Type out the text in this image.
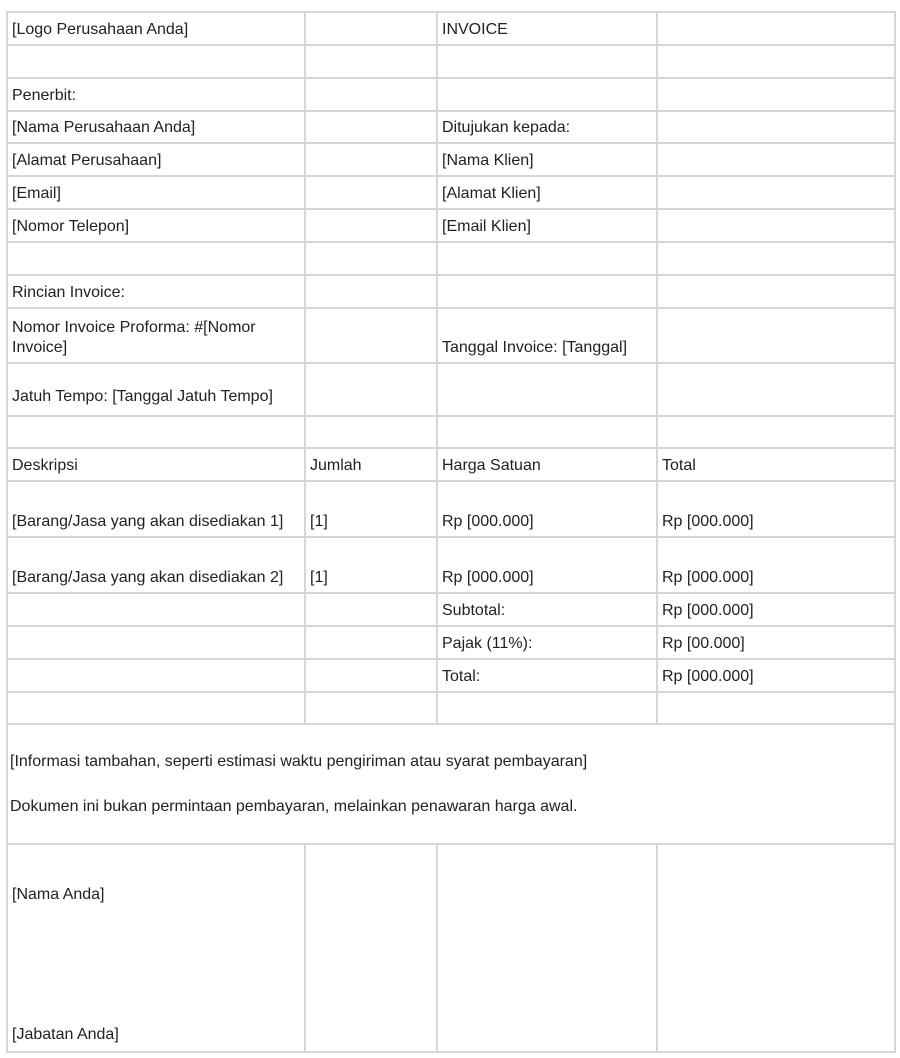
[Logo Perusahaan Anda]		INVOICE	

Penerbit:			
[Nama Perusahaan Anda]		Ditujukan kepada:	
[Alamat Perusahaan]		[Nama Klien]	
[Email]		[Alamat Klien]	
[Nomor Telepon]		[Email Klien]	

Rincian Invoice:			
Nomor Invoice Proforma: #[Nomor Invoice]		Tanggal Invoice: [Tanggal]	
Jatuh Tempo: [Tanggal Jatuh Tempo]			

Deskripsi	Jumlah	Harga Satuan	Total
[Barang/Jasa yang akan disediakan 1]	[1]	Rp [000.000]	Rp [000.000]
[Barang/Jasa yang akan disediakan 2]	[1]	Rp [000.000]	Rp [000.000]
		Subtotal:	Rp [000.000]
		Pajak (11%):	Rp [00.000]
		Total:	Rp [000.000]

[Informasi tambahan, seperti estimasi waktu pengiriman atau syarat pembayaran]

Dokumen ini bukan permintaan pembayaran, melainkan penawaran harga awal.			

[Nama Anda]
[Jabatan Anda]			
